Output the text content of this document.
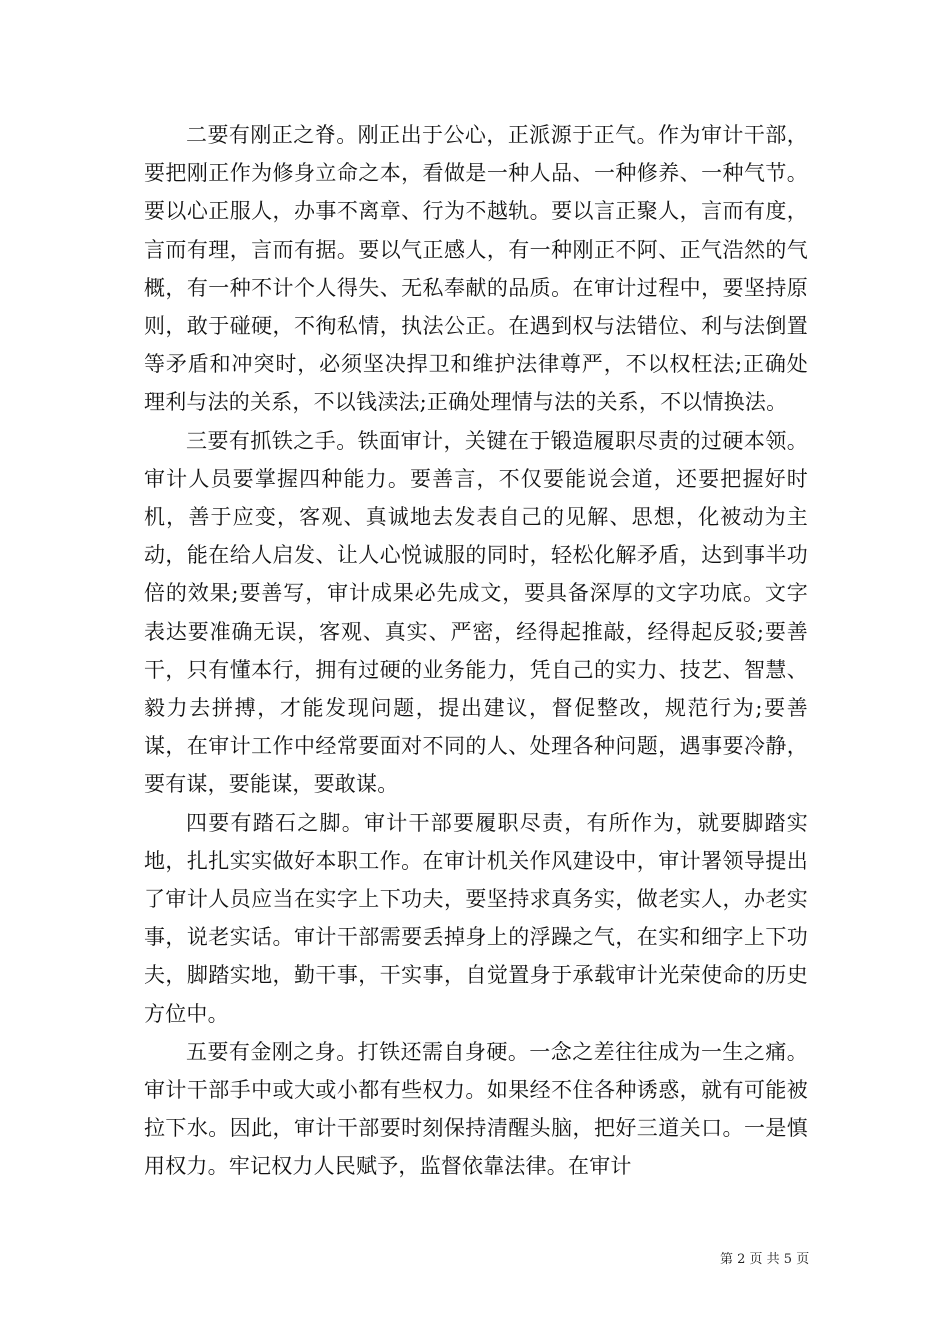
二要有刚正之脊。刚正出于公心，正派源于正气。作为审计干部，要把刚正作为修身立命之本，看做是一种人品、一种修养、一种气节。要以心正服人，办事不离章、行为不越轨。要以言正聚人，言而有度，言而有理，言而有据。要以气正感人，有一种刚正不阿、正气浩然的气概，有一种不计个人得失、无私奉献的品质。在审计过程中，要坚持原则，敢于碰硬，不徇私情，执法公正。在遇到权与法错位、利与法倒置等矛盾和冲突时，必须坚决捍卫和维护法律尊严，不以权枉法;正确处理利与法的关系，不以钱渎法;正确处理情与法的关系，不以情换法。

三要有抓铁之手。铁面审计，关键在于锻造履职尽责的过硬本领。审计人员要掌握四种能力。要善言，不仅要能说会道，还要把握好时机，善于应变，客观、真诚地去发表自己的见解、思想，化被动为主动，能在给人启发、让人心悦诚服的同时，轻松化解矛盾，达到事半功倍的效果;要善写，审计成果必先成文，要具备深厚的文字功底。文字表达要准确无误，客观、真实、严密，经得起推敲，经得起反驳;要善干，只有懂本行，拥有过硬的业务能力，凭自己的实力、技艺、智慧、毅力去拼搏，才能发现问题，提出建议，督促整改，规范行为;要善谋，在审计工作中经常要面对不同的人、处理各种问题，遇事要冷静，要有谋，要能谋，要敢谋。

四要有踏石之脚。审计干部要履职尽责，有所作为，就要脚踏实地，扎扎实实做好本职工作。在审计机关作风建设中，审计署领导提出了审计人员应当在实字上下功夫，要坚持求真务实，做老实人，办老实事，说老实话。审计干部需要丢掉身上的浮躁之气，在实和细字上下功夫，脚踏实地，勤干事，干实事，自觉置身于承载审计光荣使命的历史方位中。

五要有金刚之身。打铁还需自身硬。一念之差往往成为一生之痛。审计干部手中或大或小都有些权力。如果经不住各种诱惑，就有可能被拉下水。因此，审计干部要时刻保持清醒头脑，把好三道关口。一是慎用权力。牢记权力人民赋予，监督依靠法律。在审计

第 2 页 共 5 页
